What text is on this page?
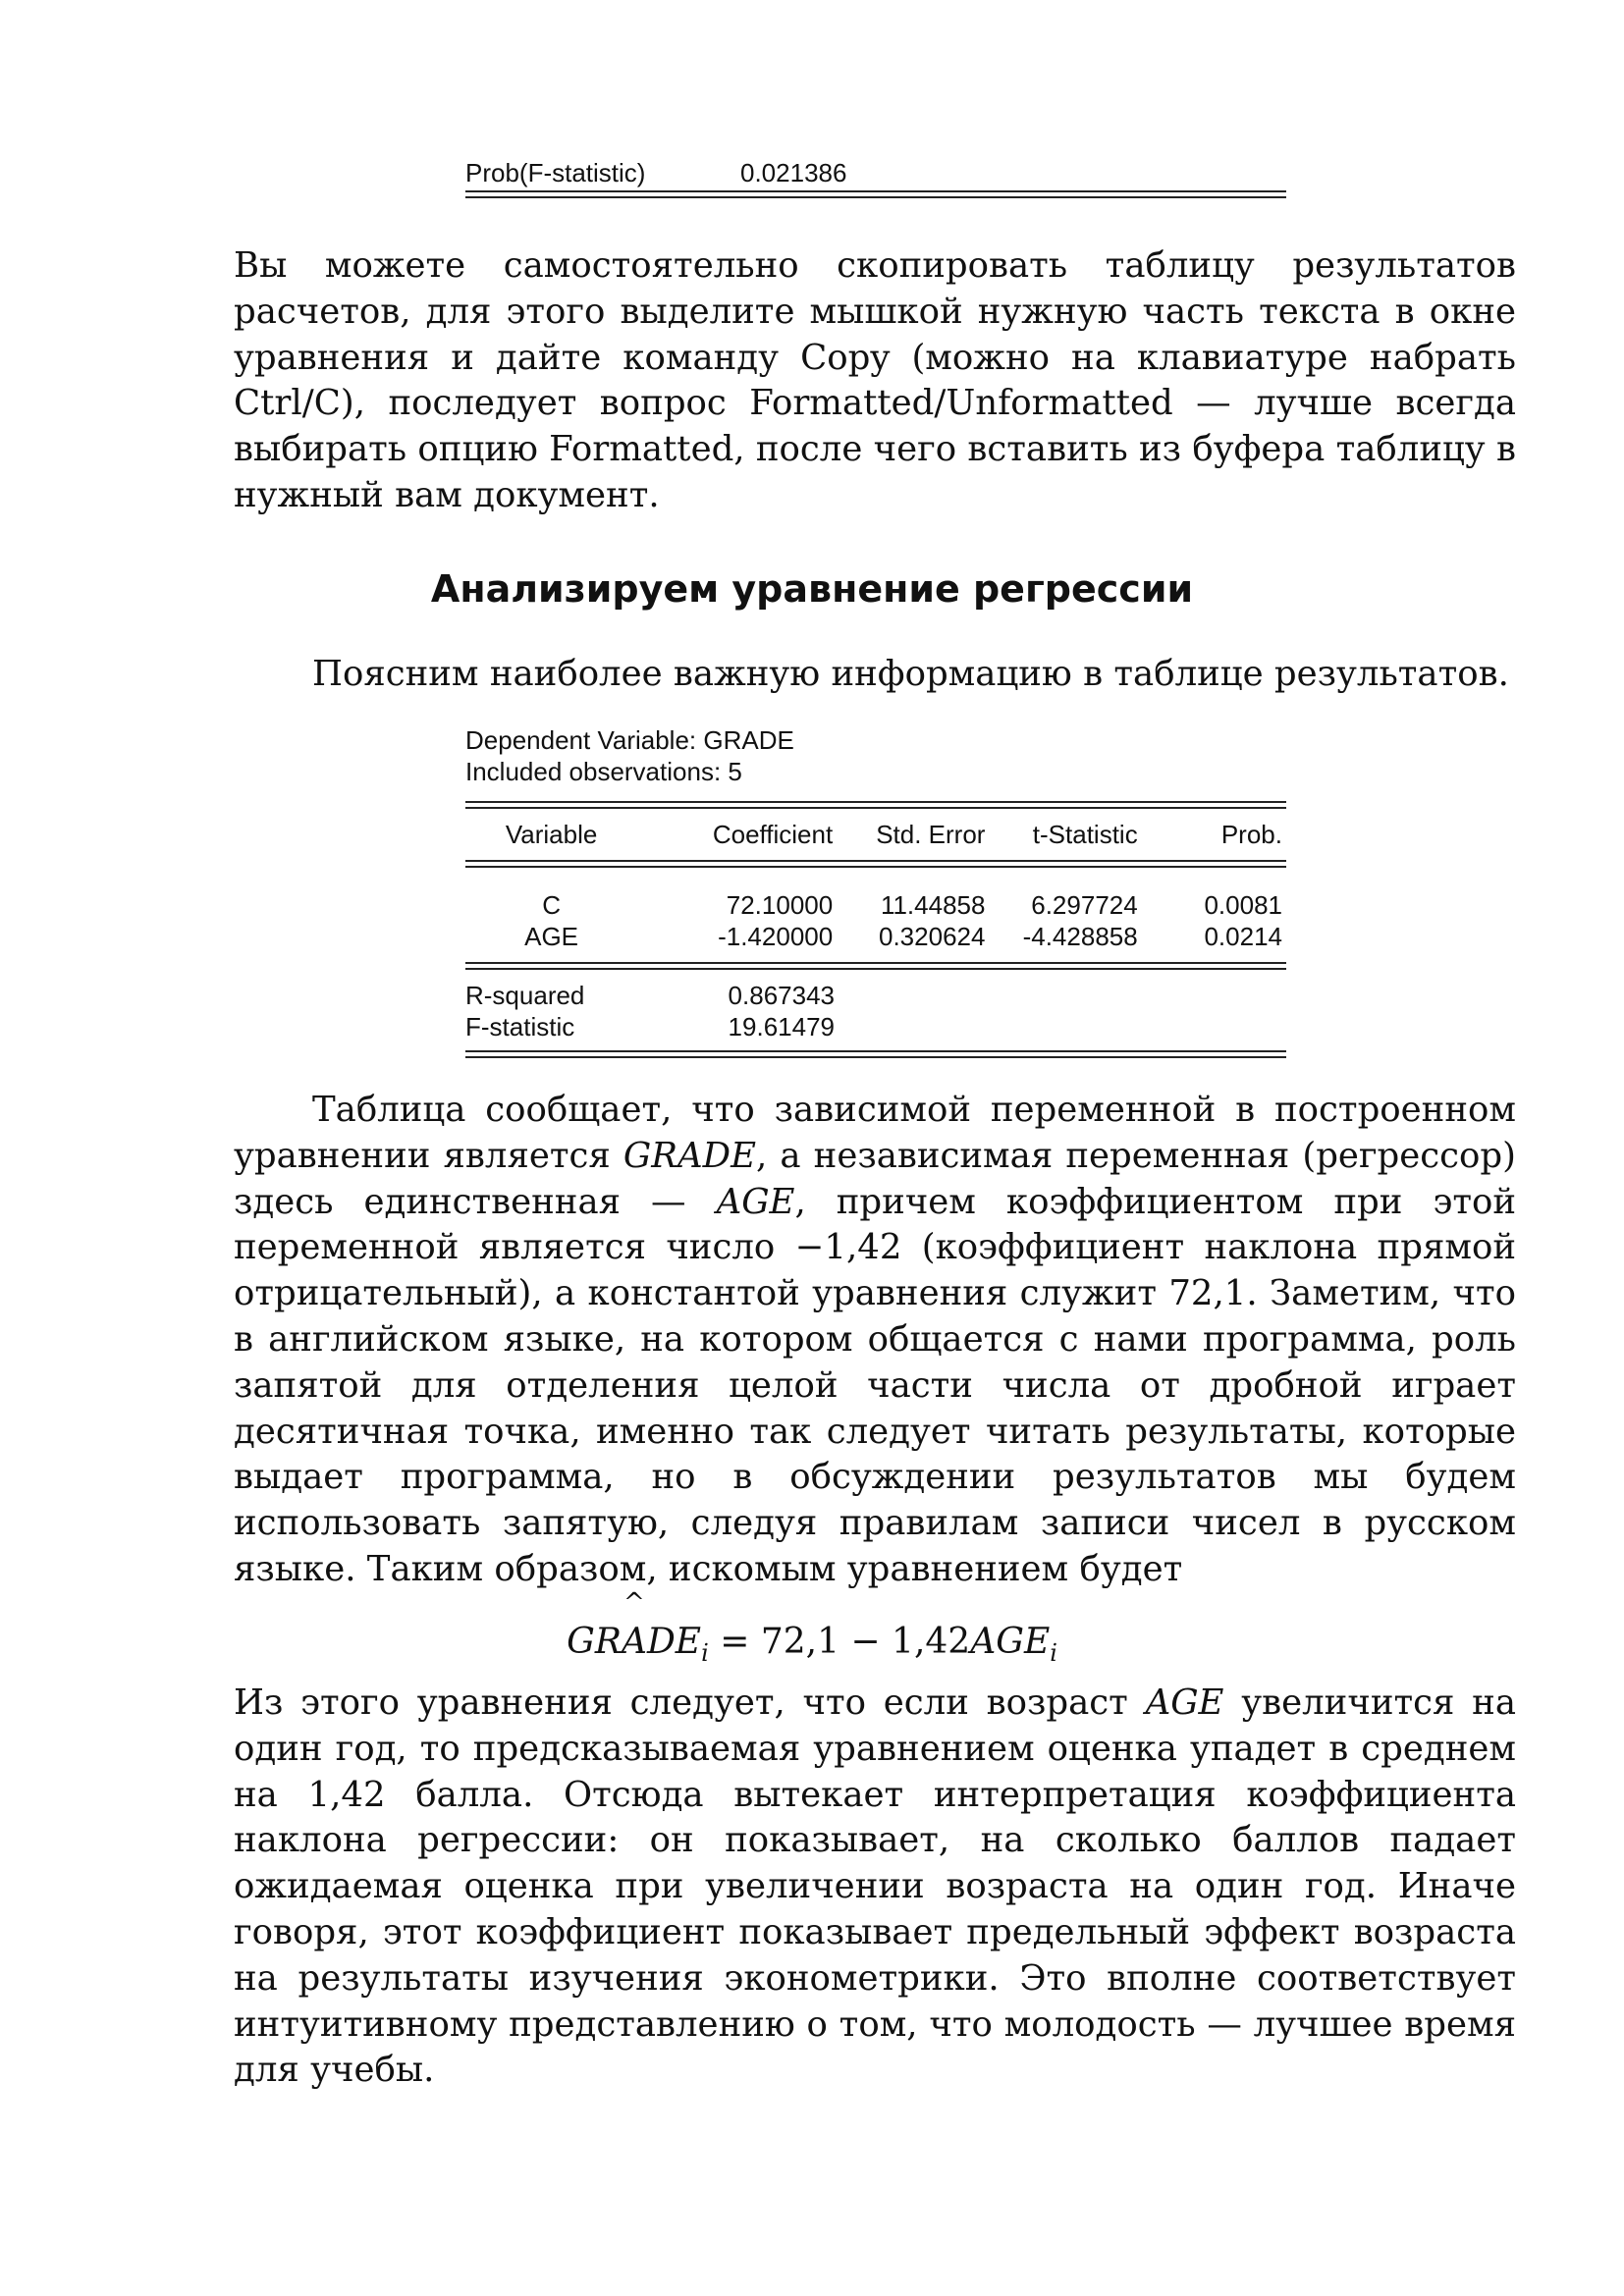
Prob(F-statistic)	0.021386

Вы можете самостоятельно скопировать таблицу результатов
расчетов, для этого выделите мышкой нужную часть текста в окне
уравнения и дайте команду Copy (можно на клавиатуре набрать
Ctrl/C), последует вопрос Formatted/Unformatted — лучше всегда
выбирать опцию Formatted, после чего вставить из буфера таблицу в
нужный вам документ.

Анализируем уравнение регрессии

Поясним наиболее важную информацию в таблице результатов.

Dependent Variable: GRADE
Included observations: 5
Variable	Coefficient	Std. Error	t-Statistic	Prob.
C	72.10000	11.44858	6.297724	0.0081
AGE	-1.420000	0.320624	-4.428858	0.0214
R-squared	0.867343
F-statistic	19.61479

Таблица сообщает, что зависимой переменной в построенном
уравнении является GRADE, а независимая переменная (регрессор)
здесь единственная — AGE, причем коэффициентом при этой
переменной является число −1,42 (коэффициент наклона прямой
отрицательный), а константой уравнения служит 72,1. Заметим, что
в английском языке, на котором общается с нами программа, роль
запятой для отделения целой части числа от дробной играет
десятичная точка, именно так следует читать результаты, которые
выдает программа, но в обсуждении результатов мы будем
использовать запятую, следуя правилам записи чисел в русском
языке. Таким образом, искомым уравнением будет

GR
^
$ADE_i = 72,1 - 1,42AGE_i$

Из этого уравнения следует, что если возраст AGE увеличится на
один год, то предсказываемая уравнением оценка упадет в среднем
на 1,42 балла. Отсюда вытекает интерпретация коэффициента
наклона регрессии: он показывает, на сколько баллов падает
ожидаемая оценка при увеличении возраста на один год. Иначе
говоря, этот коэффициент показывает предельный эффект возраста
на результаты изучения эконометрики. Это вполне соответствует
интуитивному представлению о том, что молодость — лучшее время
для учебы.
